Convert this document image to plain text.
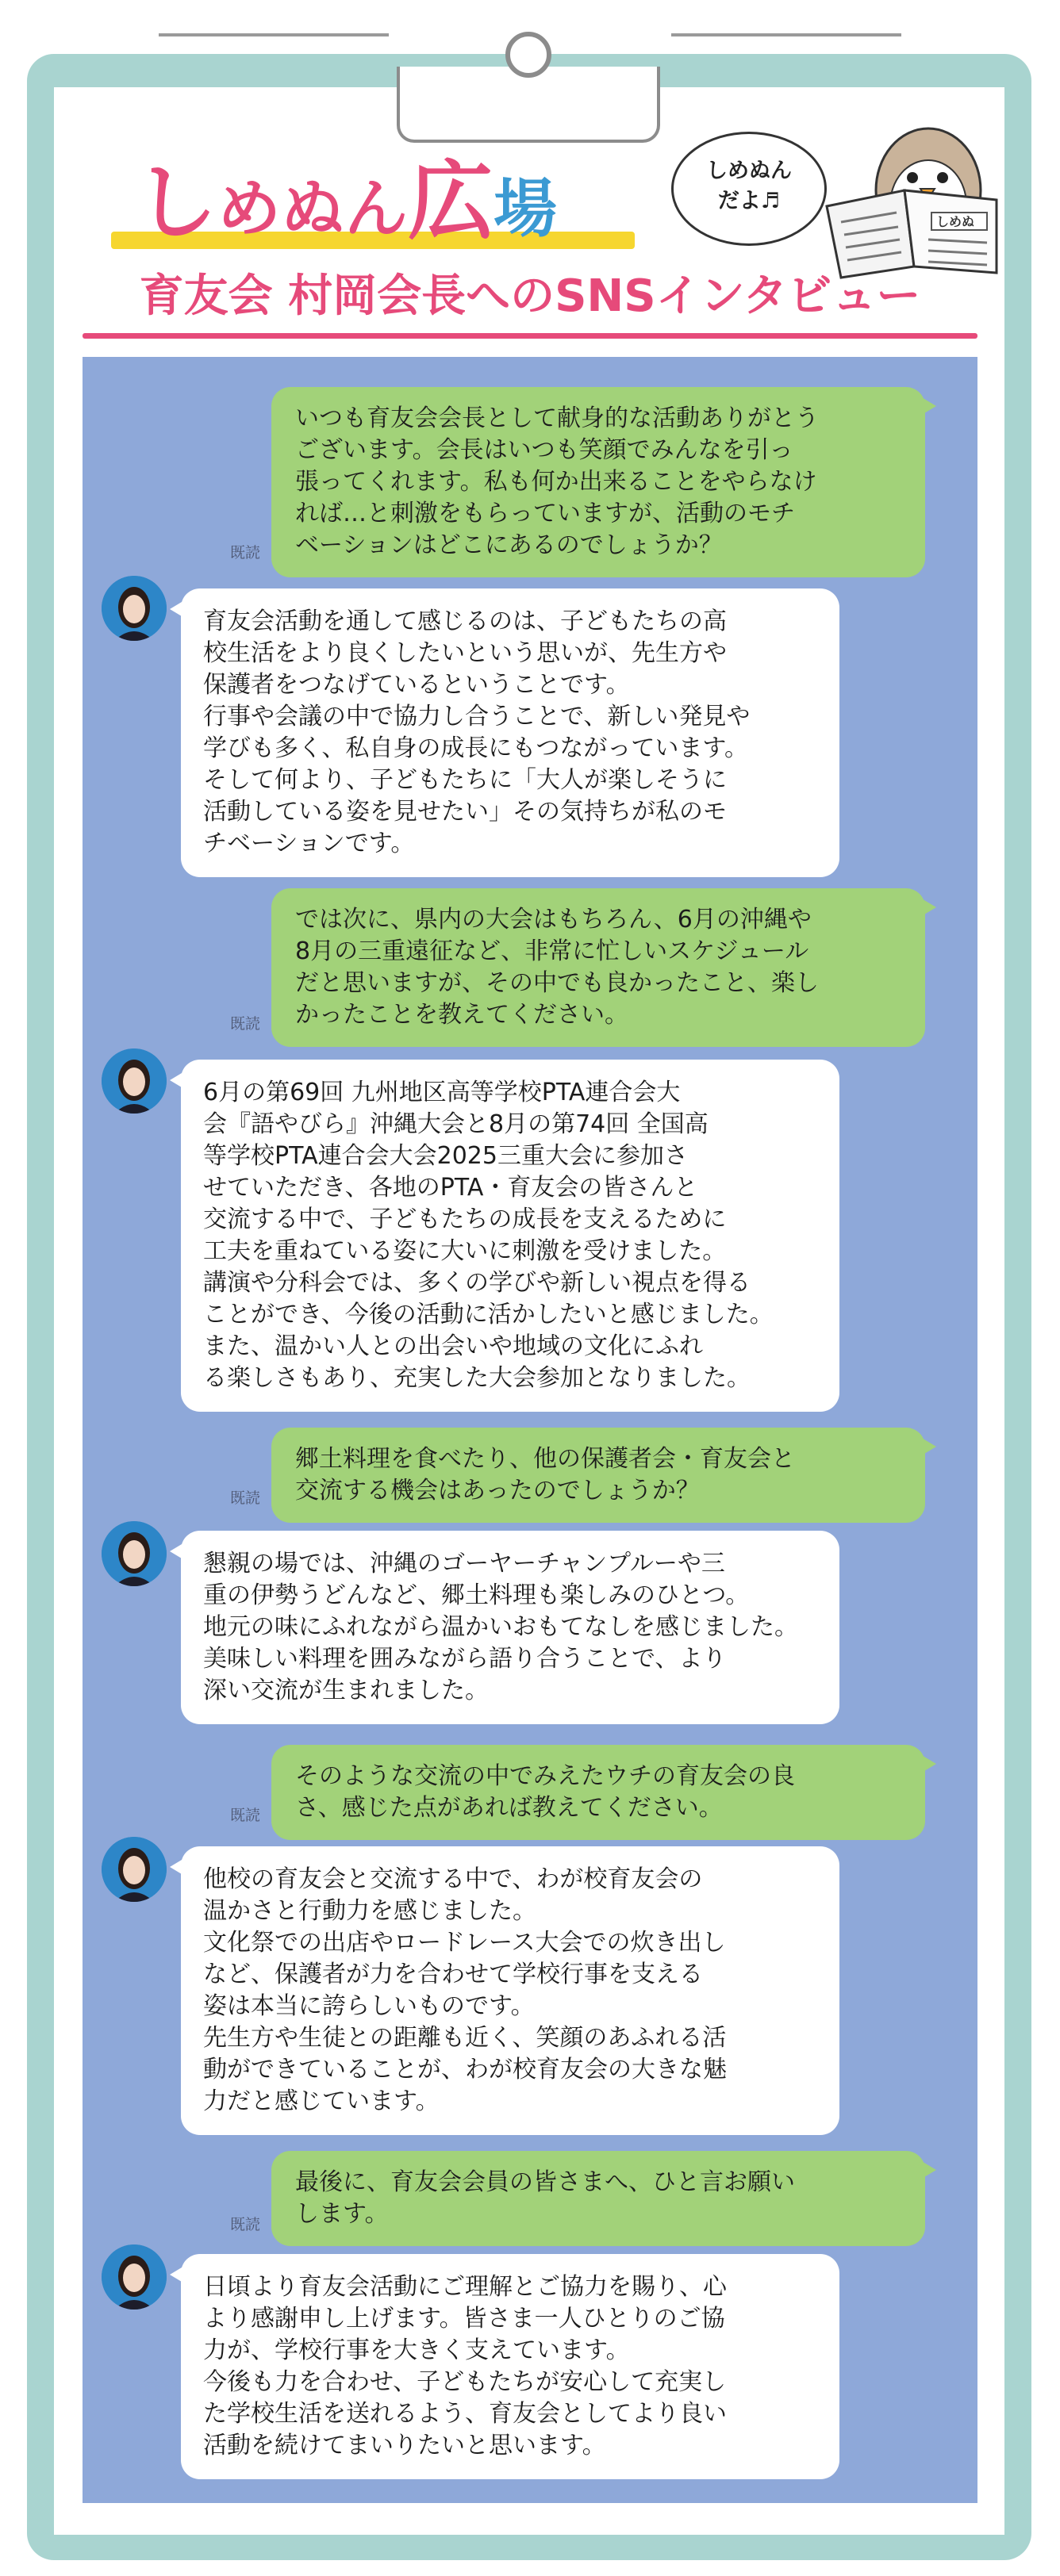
しめぬん広場
しめぬん
だよ♬
しめぬ
育友会 村岡会長へのSNSインタビュー
いつも育友会会長として献身的な活動ありがとう
ございます。会長はいつも笑顔でみんなを引っ
張ってくれます。私も何か出来ることをやらなけ
れば…と刺激をもらっていますが、活動のモチ
ベーションはどこにあるのでしょうか？
既読
育友会活動を通して感じるのは、子どもたちの高
校生活をより良くしたいという思いが、先生方や
保護者をつなげているということです。
行事や会議の中で協力し合うことで、新しい発見や
学びも多く、私自身の成長にもつながっています。
そして何より、子どもたちに「大人が楽しそうに
活動している姿を見せたい」その気持ちが私のモ
チベーションです。
では次に、県内の大会はもちろん、6月の沖縄や
8月の三重遠征など、非常に忙しいスケジュール
だと思いますが、その中でも良かったこと、楽し
かったことを教えてください。
既読
6月の第69回 九州地区高等学校PTA連合会大
会『語やびら』沖縄大会と8月の第74回 全国高
等学校PTA連合会大会2025三重大会に参加さ
せていただき、各地のPTA・育友会の皆さんと
交流する中で、子どもたちの成長を支えるために
工夫を重ねている姿に大いに刺激を受けました。
講演や分科会では、多くの学びや新しい視点を得る
ことができ、今後の活動に活かしたいと感じました。
また、温かい人との出会いや地域の文化にふれ
る楽しさもあり、充実した大会参加となりました。
郷土料理を食べたり、他の保護者会・育友会と
交流する機会はあったのでしょうか？
既読
懇親の場では、沖縄のゴーヤーチャンプルーや三
重の伊勢うどんなど、郷土料理も楽しみのひとつ。
地元の味にふれながら温かいおもてなしを感じました。
美味しい料理を囲みながら語り合うことで、より
深い交流が生まれました。
そのような交流の中でみえたウチの育友会の良
さ、感じた点があれば教えてください。
既読
他校の育友会と交流する中で、わが校育友会の
温かさと行動力を感じました。
文化祭での出店やロードレース大会での炊き出し
など、保護者が力を合わせて学校行事を支える
姿は本当に誇らしいものです。
先生方や生徒との距離も近く、笑顔のあふれる活
動ができていることが、わが校育友会の大きな魅
力だと感じています。
最後に、育友会会員の皆さまへ、ひと言お願い
します。
既読
日頃より育友会活動にご理解とご協力を賜り、心
より感謝申し上げます。皆さま一人ひとりのご協
力が、学校行事を大きく支えています。
今後も力を合わせ、子どもたちが安心して充実し
た学校生活を送れるよう、育友会としてより良い
活動を続けてまいりたいと思います。
